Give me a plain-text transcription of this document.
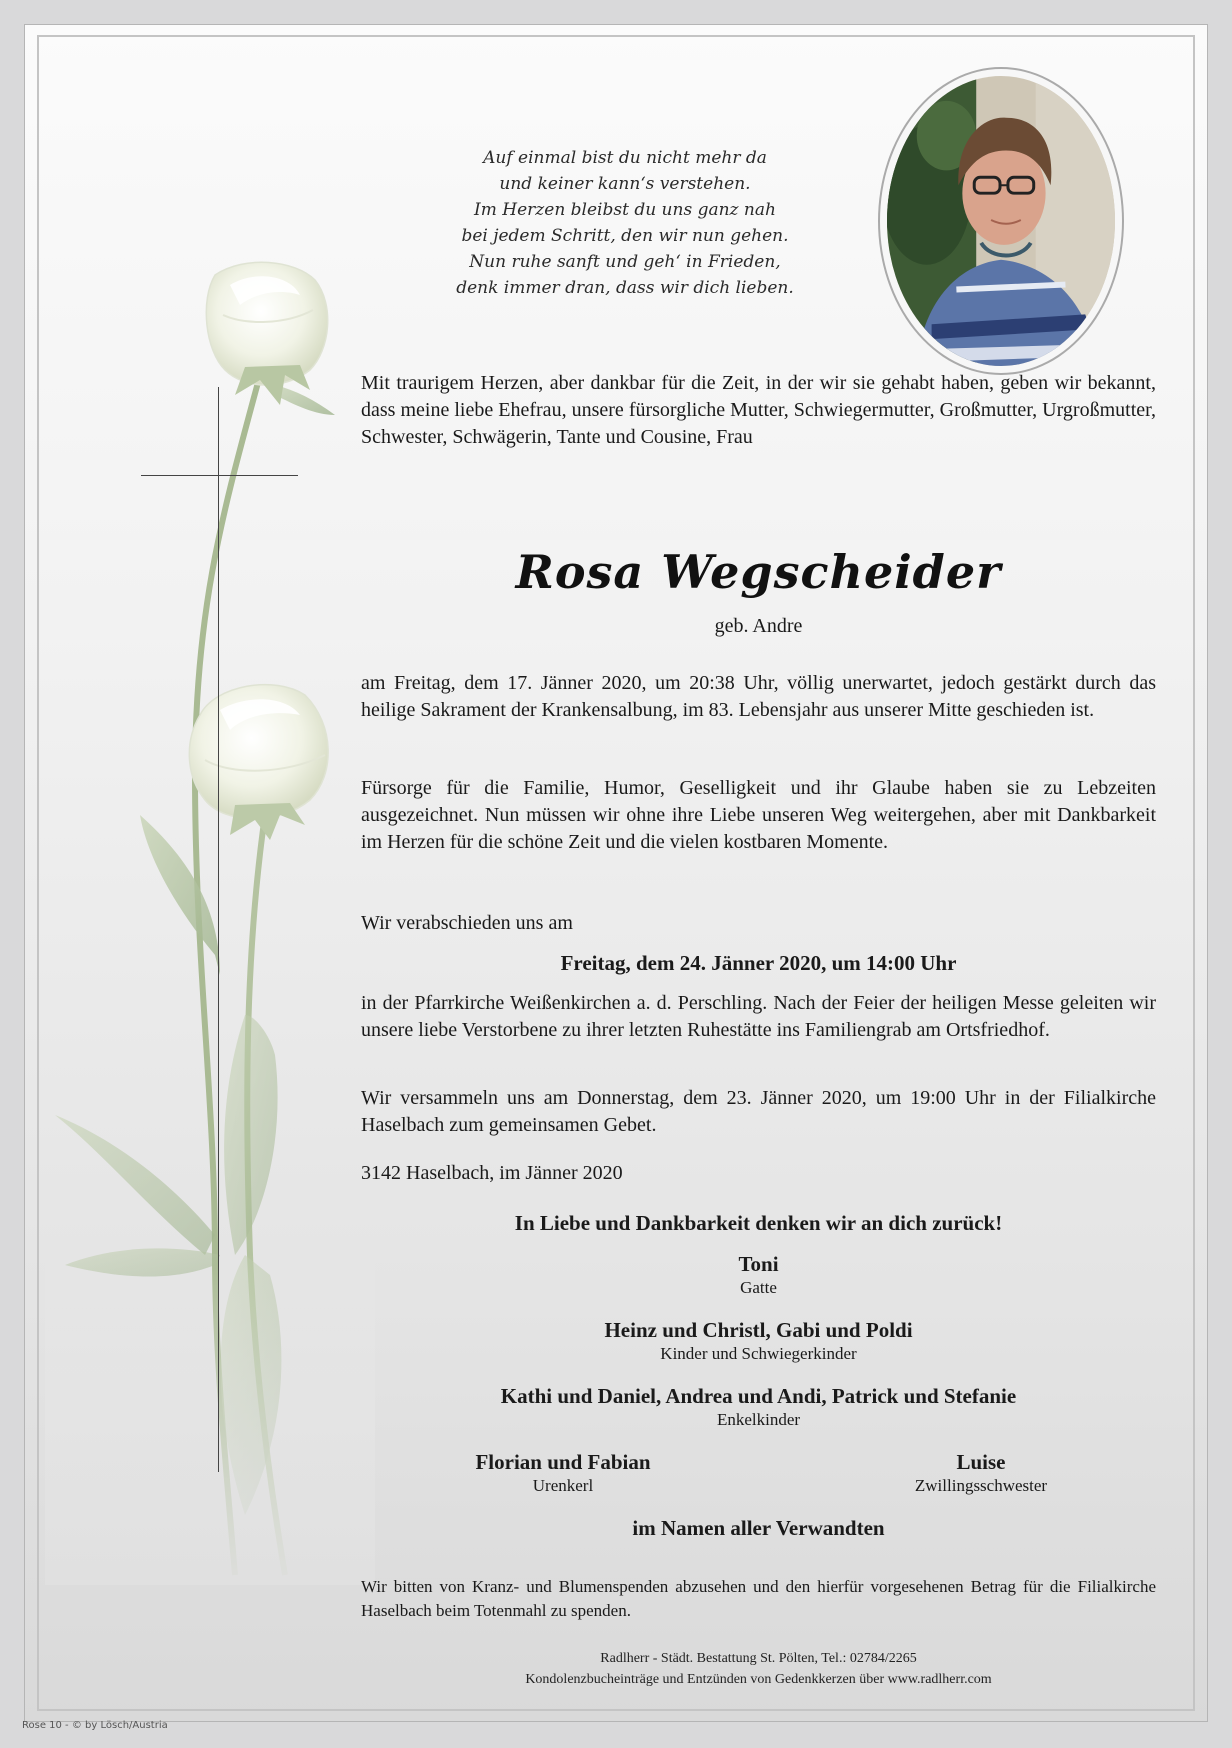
Auf einmal bist du nicht mehr da
und keiner kann‘s verstehen.
Im Herzen bleibst du uns ganz nah
bei jedem Schritt, den wir nun gehen.
Nun ruhe sanft und geh‘ in Frieden,
denk immer dran, dass wir dich lieben.
Mit traurigem Herzen, aber dankbar für die Zeit, in der wir sie gehabt haben, geben wir bekannt, dass meine liebe Ehefrau, unsere fürsorgliche Mutter, Schwiegermutter, Großmutter, Urgroßmutter, Schwester, Schwägerin, Tante und Cousine, Frau
Rosa Wegscheider
geb. Andre
am Freitag, dem 17. Jänner 2020, um 20:38 Uhr, völlig unerwartet, jedoch gestärkt durch das heilige Sakrament der Krankensalbung, im 83. Lebensjahr aus unserer Mitte geschieden ist.
Fürsorge für die Familie, Humor, Geselligkeit und ihr Glaube haben sie zu Lebzeiten ausgezeichnet. Nun müssen wir ohne ihre Liebe unseren Weg weitergehen, aber mit Dankbarkeit im Herzen für die schöne Zeit und die vielen kostbaren Momente.
Wir verabschieden uns am
Freitag, dem 24. Jänner 2020, um 14:00 Uhr
in der Pfarrkirche Weißenkirchen a. d. Perschling. Nach der Feier der heiligen Messe geleiten wir unsere liebe Verstorbene zu ihrer letzten Ruhestätte ins Familiengrab am Ortsfriedhof.
Wir versammeln uns am Donnerstag, dem 23. Jänner 2020, um 19:00 Uhr in der Filialkirche Haselbach zum gemeinsamen Gebet.
3142 Haselbach, im Jänner 2020
In Liebe und Dankbarkeit denken wir an dich zurück!
Toni
Gatte
Heinz und Christl, Gabi und Poldi
Kinder und Schwiegerkinder
Kathi und Daniel, Andrea und Andi, Patrick und Stefanie
Enkelkinder
Florian und Fabian
Urenkerl
Luise
Zwillingsschwester
im Namen aller Verwandten
Wir bitten von Kranz- und Blumenspenden abzusehen und den hierfür vorgesehenen Betrag für die Filialkirche Haselbach beim Totenmahl zu spenden.
Radlherr - Städt. Bestattung St. Pölten, Tel.: 02784/2265
Kondolenzbucheinträge und Entzünden von Gedenkkerzen über www.radlherr.com
Rose 10 - © by Lösch/Austria
